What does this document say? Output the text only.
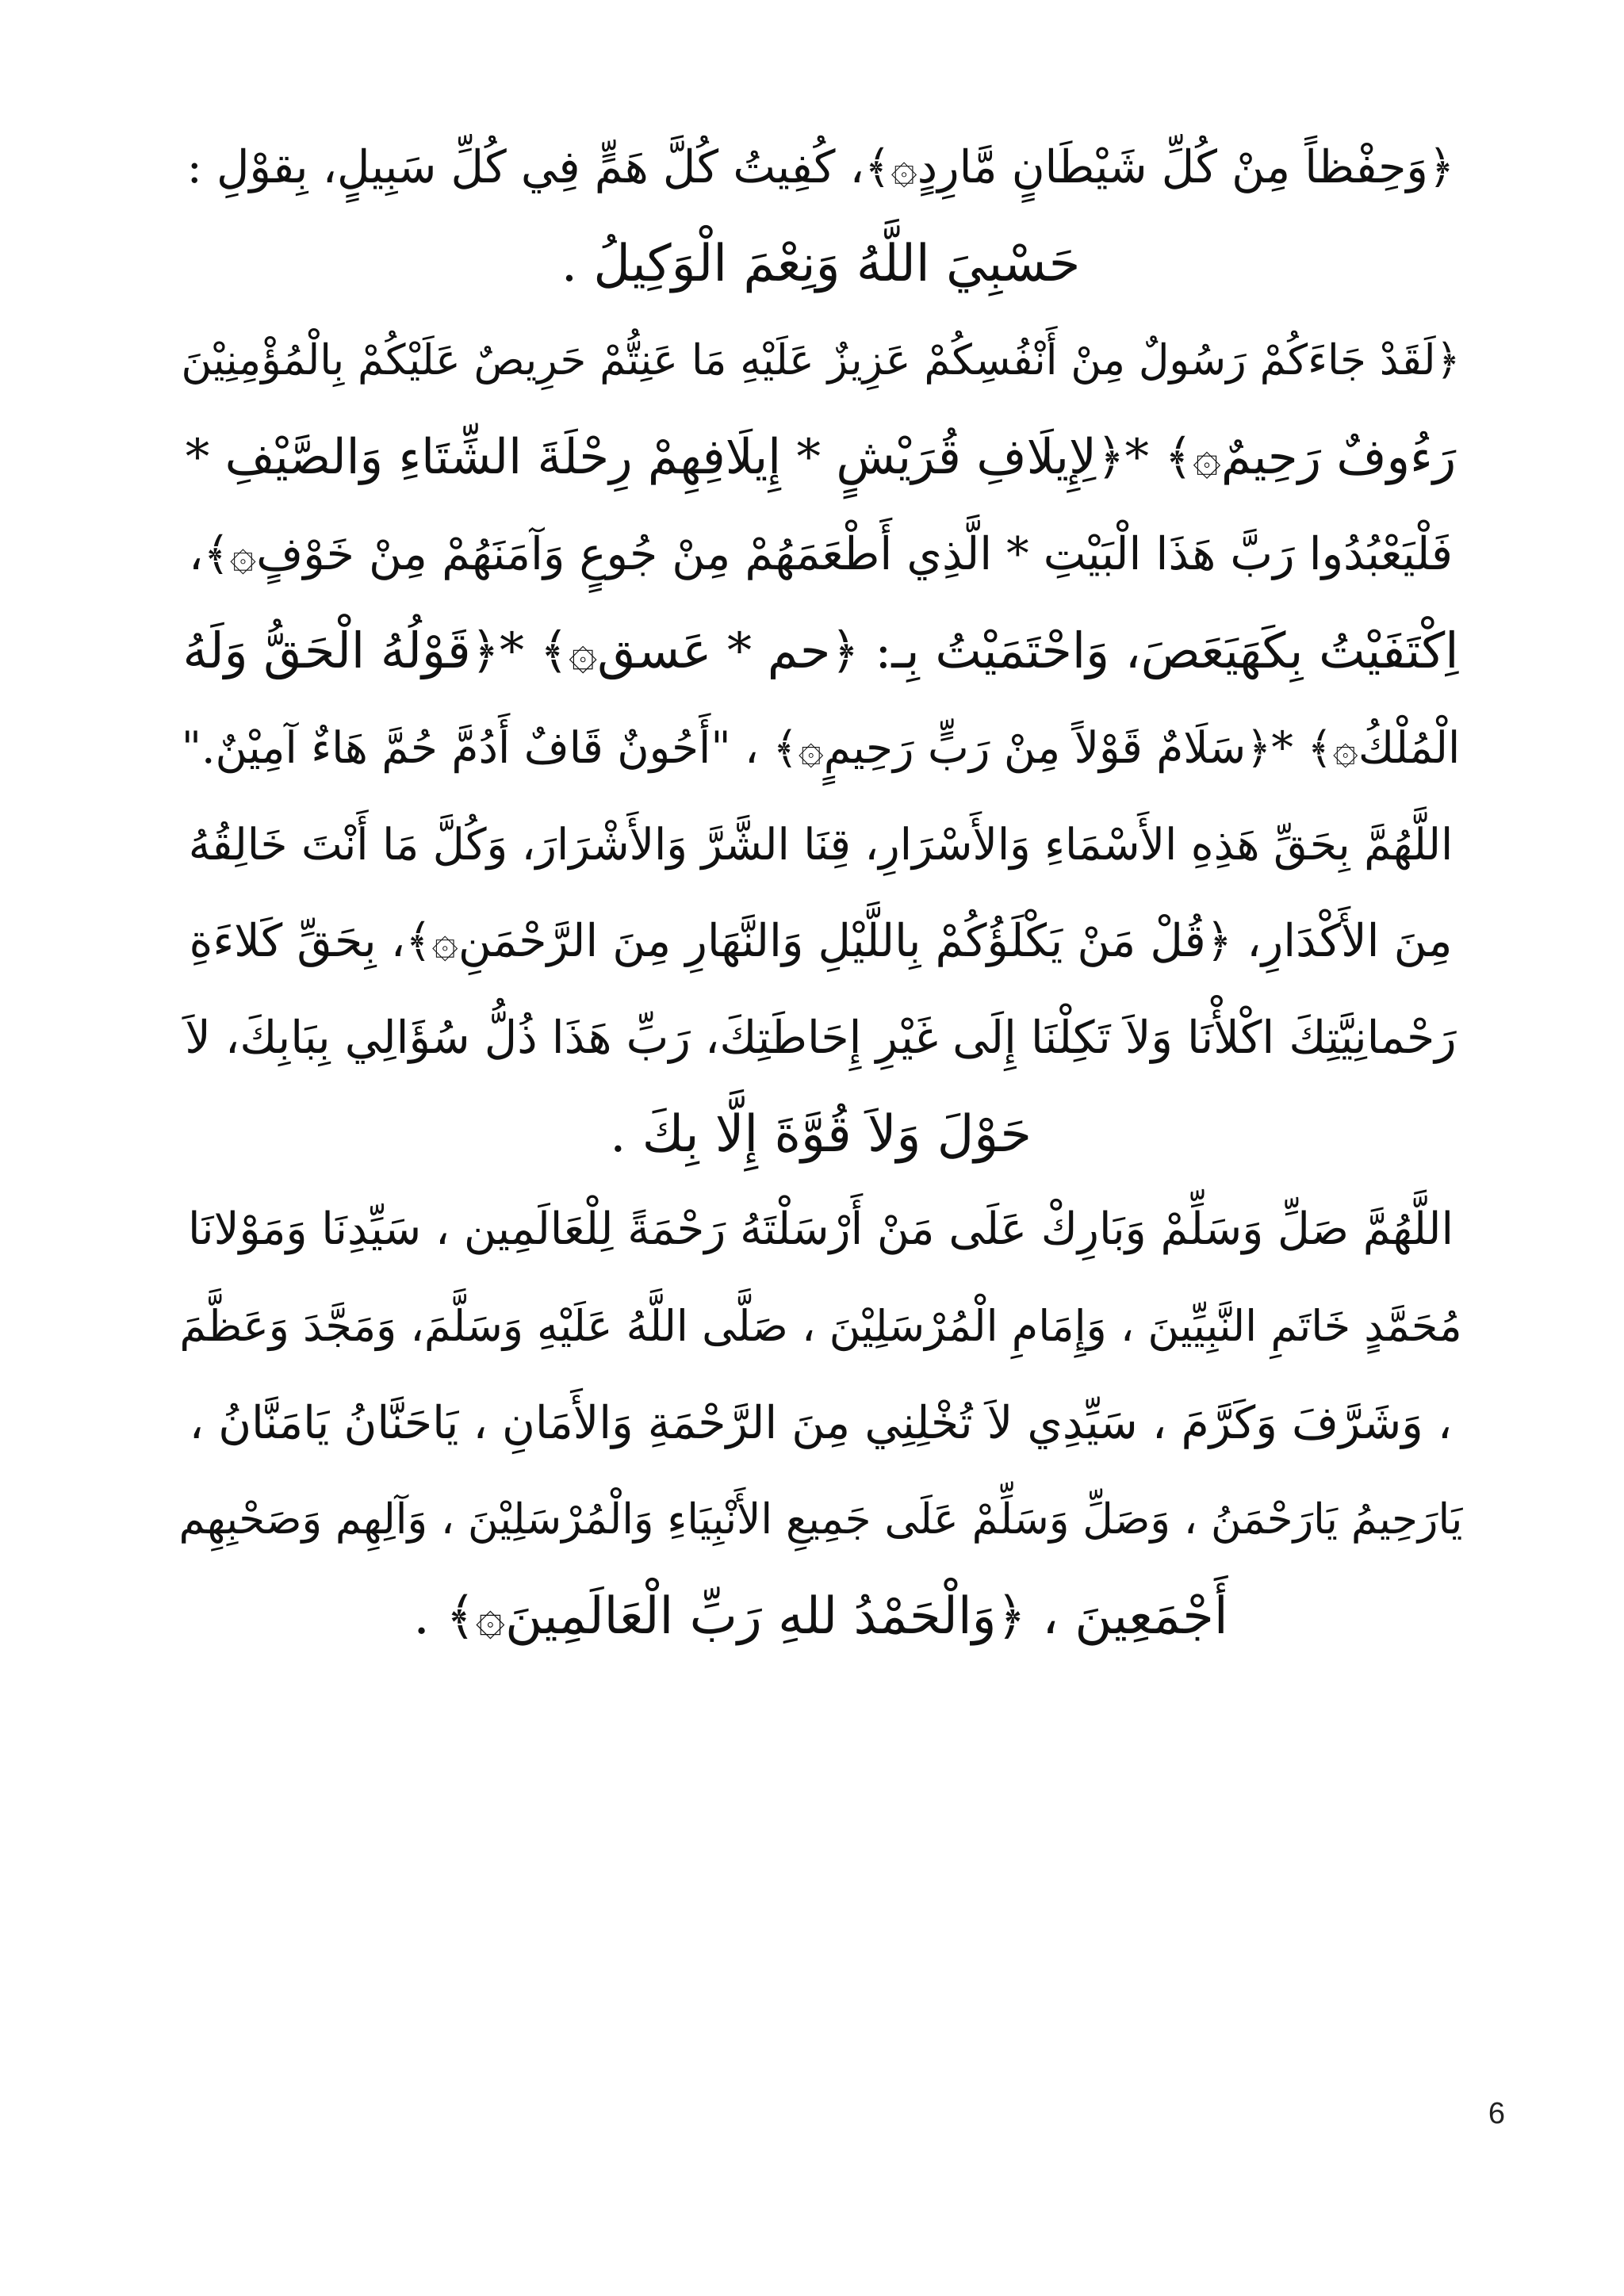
﴿وَحِفْظاً مِنْ كُلِّ شَيْطَانٍ مَّارِدٍ۞﴾، كُفِيتُ كُلَّ هَمٍّ فِي كُلِّ سَبِيلٍ، بِقوْلِ :
حَسْبِيَ اللَّهُ وَنِعْمَ الْوَكِيلُ .
﴿لَقَدْ جَاءَكُمْ رَسُولٌ مِنْ أَنْفُسِكُمْ عَزِيزٌ عَلَيْهِ مَا عَنِتُّمْ حَرِيصٌ عَلَيْكُمْ بِالْمُؤْمِنِيْنَ
رَءُوفٌ رَحِيمٌ۞﴾ *﴿لِإِيلَافِ قُرَيْشٍ * إِيلَافِهِمْ رِحْلَةَ الشِّتَاءِ وَالصَّيْفِ *
فَلْيَعْبُدُوا رَبَّ هَذَا الْبَيْتِ * الَّذِي أَطْعَمَهُمْ مِنْ جُوعٍ وَآمَنَهُمْ مِنْ خَوْفٍ۞﴾،
اِكْتَفَيْتُ بِكَهَيَعَصَ، وَاحْتَمَيْتُ بِـ: ﴿حم * عَسق۞﴾ *﴿قَوْلُهُ الْحَقُّ وَلَهُ
الْمُلْكُ۞﴾ *﴿سَلَامٌ قَوْلاً مِنْ رَبٍّ رَحِيمٍ۞﴾ ، "أَحُونٌ قَافٌ أَدُمَّ حُمَّ هَاءٌ آمِيْنٌ."
اللَّهُمَّ بِحَقِّ هَذِهِ الأَسْمَاءِ وَالأَسْرَارِ، قِنَا الشَّرَّ وَالأَشْرَارَ، وَكُلَّ مَا أَنْتَ خَالِقُهُ
مِنَ الأَكْدَارِ، ﴿قُلْ مَنْ يَكْلَؤُكُمْ بِاللَّيْلِ وَالنَّهَارِ مِنَ الرَّحْمَنِ۞﴾، بِحَقِّ كَلاءَةِ
رَحْمانِيَّتِكَ اكْلأْنَا وَلاَ تَكِلْنَا إِلَى غَيْرِ إِحَاطَتِكَ، رَبِّ هَذَا ذُلُّ سُؤَالِي بِبَابِكَ، لاَ
حَوْلَ وَلاَ قُوَّةَ إِلَّا بِكَ .
اللَّهُمَّ صَلِّ وَسَلِّمْ وَبَارِكْ عَلَى مَنْ أَرْسَلْتَهُ رَحْمَةً لِلْعَالَمِين ، سَيِّدِنَا وَمَوْلانَا
مُحَمَّدٍ خَاتَمِ النَّبِيِّينَ ، وَإِمَامِ الْمُرْسَلِيْنَ ، صَلَّى اللَّهُ عَلَيْهِ وَسَلَّمَ، وَمَجَّدَ وَعَظَّمَ
، وَشَرَّفَ وَكَرَّمَ ، سَيِّدِي لاَ تُخْلِنِي مِنَ الرَّحْمَةِ وَالأَمَانِ ، يَاحَنَّانُ يَامَنَّانُ ،
يَارَحِيمُ يَارَحْمَنُ ، وَصَلِّ وَسَلِّمْ عَلَى جَمِيعِ الأَنْبِيَاءِ وَالْمُرْسَلِيْنَ ، وَآلِهِم وَصَحْبِهِم
أَجْمَعِينَ ، ﴿وَالْحَمْدُ للهِ رَبِّ الْعَالَمِينَ۞﴾ .
6
